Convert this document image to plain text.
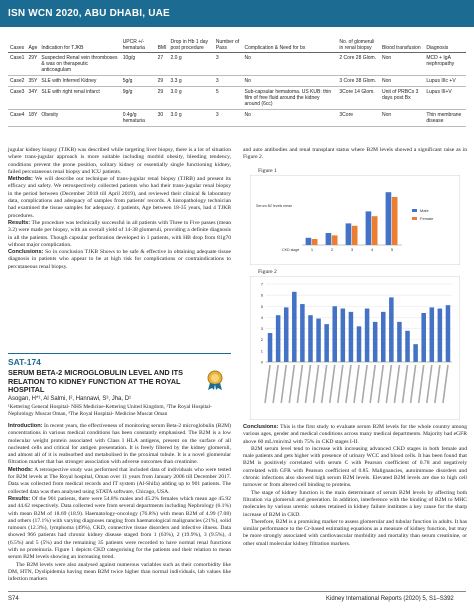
ISN WCN 2020, ABU DHABI, UAE
Cases	Age	Indication for TJKB	UPCR +/- hematuria	BMI	Drop in Hb 1 day post procedure	Number of Pass	Complication & Need for bx	No. of glomeruli in renal biopsy	Blood transfusion	Diagnosis
Case1	29Y	Suspected Renal vein thromboses & was on therapeutic anticoagulam	10g/g	27	2.0 g	3	No	2 Core 28 Glom.	Non	MCD + IgA nephropathy
Case2	35Y	SLE with Inferred Kidney	5g/g	29	3.3 g	3	No	3 Core 38 Glom.	Non	Lupus IIIc +V
Case3	34Y	SLE with right renal infarct	9g/g	29	3.0 g	5	Sub-capsular hematoma. US KUB: thin film of free fluid around the kidney around (6cc)	3Core 14 Glom.	Unit of PRBCs 3 days post Bx	Lupus III+V
Case4	18Y	Obesity	0.4g/g hematuria	30	3.0 g	3	No	3Core	Non	Thin membrane disease

jugular kidney biopsy (TJKB) was described while targeting liver biopsy, there is a lot of situation where trans-jugular approach is more suitable including morbid obesity, bleeding tendency, conditions prevent the prone position, solitary kidney or essentially single functioning kidney, failed percutaneous renal biopsy and ICU patients.

Methods: We will describe our technique of trans-jugular renal biopsy (TJRB) and present its efficacy and safety. We retrospectively collected patients who had their trans-jugular renal biopsy in the period between (December 2018 till April 2019), and reviewed their clinical & laboratory data, complications and adequacy of samples from patients' records. A histopathology technician had examined the tissue samples for adequacy. 4 patients, Age between 18-35 years, had 4 TJKB procedures.

Results: The procedure was technically successful in all patients with Three to Five passes (mean 3.2) were made per biopsy, with an overall yield of 14-38 glomeruli, providing a definite diagnosis in all the patients. Though capsular perforation developed in 1 patients, with HB drop from 81g70 without major complication.

Conclusions: So in conclusion TJKB Shows to be safe & effective in obtaining adequate tissue diagnosis in patients who appear to be at high risk for complications or contraindications to percutaneous renal biopsy.

SAT-174
SERUM BETA-2 MICROGLOBULIN LEVEL AND ITS RELATION TO KIDNEY FUNCTION AT THE ROYAL HOSPITAL
Asogan, H*¹, Al Salmi, I², Hannawi, S³, Jha, D¹
¹Kettering General Hospital- NHS Medicine-Kettering United Kingdom, ²The Royal Hospital- Nephrology Muscat Oman, ³The Royal Hospital- Medicine Muscat Oman

Introduction: In recent years, the effectiveness of monitoring serum Beta-2 microglobulin (B2M) concentrations in various medical conditions has been constantly emphasised. The B2M is a low molecular weight protein associated with Class I HLA antigens, present on the surface of all nucleated cells and critical for antigen presentation. It is freely filtered by the kidney glomeruli, and almost all of it is reabsorbed and metabolised in the proximal tubule. It is a novel glomerular filtration marker that has stronger association with adverse outcomes than creatinine.

Methods: A retrospective study was performed that included data of individuals who were tested for B2M levels at The Royal hospital, Oman over 11 years from January 2006 till December 2017. Data was collected from medical records and IT system (Al-Shifa) adding up to 901 patients. The collected data was then analysed using STATA software, Chicago, USA.

Results: Of the 901 patients, there were 54.8% males and 45.2% females which mean age 45.92 and 44.62 respectively. Data collected were from several departments including Nephrology (6.1%) with mean B2M of 18.69 (18.9). Haematology-oncology (76.8%) with mean B2M of 4.99 (7.08) and others (17.1%) with varying diagnoses ranging from haematological malignancies (21%), solid tumours (12.3%), lymphoma (49%), CKD, connective tissue disorders and infective illness. Data showed 966 patients had chronic kidney disease staged from 1 (63%), 2 (19.9%), 3 (9.5%), 4 (6.5%) and 5 (5%) and the remaining 35 patients were recorded to have normal renal functions with no proteinuria. Figure 1 depicts CKD categorising for the patients and their relation to mean serum B2M levels showing an increasing trend.

The B2M levels were also analysed against numerous variables such as their comorbidity like DM, HTN, Dyslipidemia having mean B2M twice higher than normal individuals, lab values like infection markers

and auto antibodies and renal transplant status where B2M levels showed a significant raise as in Figure 2.

Figure 1
Serum B2 levels mean
1	2	3	4	5
CKD stage
Male
Female
Figure 2
0
1
2
3
4
5
6
7

Conclusions: This is the first study to evaluate serum B2M levels for the whole country among various ages, gender and medical conditions across many medical departments. Majority had eGFR above 60 mL/min/m2 with 75% in CKD stages I-II.

B2M serum level tend to increase with increasing advanced CKD stages in both female and male patients and gets higher with presence of urinary WCC and blood cells. It has been found that B2M is positively correlated with serum C with Pearson coefficient of 0.78 and negatively correlated with GFR with Pearson coefficient of 0.85. Malignancies, autoimmune disorders and chronic infections also showed high serum B2M levels. Elevated B2M levels are due to high cell turnover or from altered cell binding to proteins.

The stage of kidney function is the main determinant of serum B2M levels by affecting both filtration via glomeruli and generation. In addition, interference with the binding of B2M to MHC molecules by various uremic solutes retained in kidney failure institutes a key cause for the sharp increase of B2M in CKD.

Therefore, B2M is a promising marker to assess glomerular and tubular function in adults. It has similar performance to the Cr-based estimating equations as a measure of kidney function, but may be more strongly associated with cardiovascular morbidity and mortality than serum creatinine, or other small molecular kidney filtration markers.

S74	Kidney International Reports (2020) 5, S1–S392
